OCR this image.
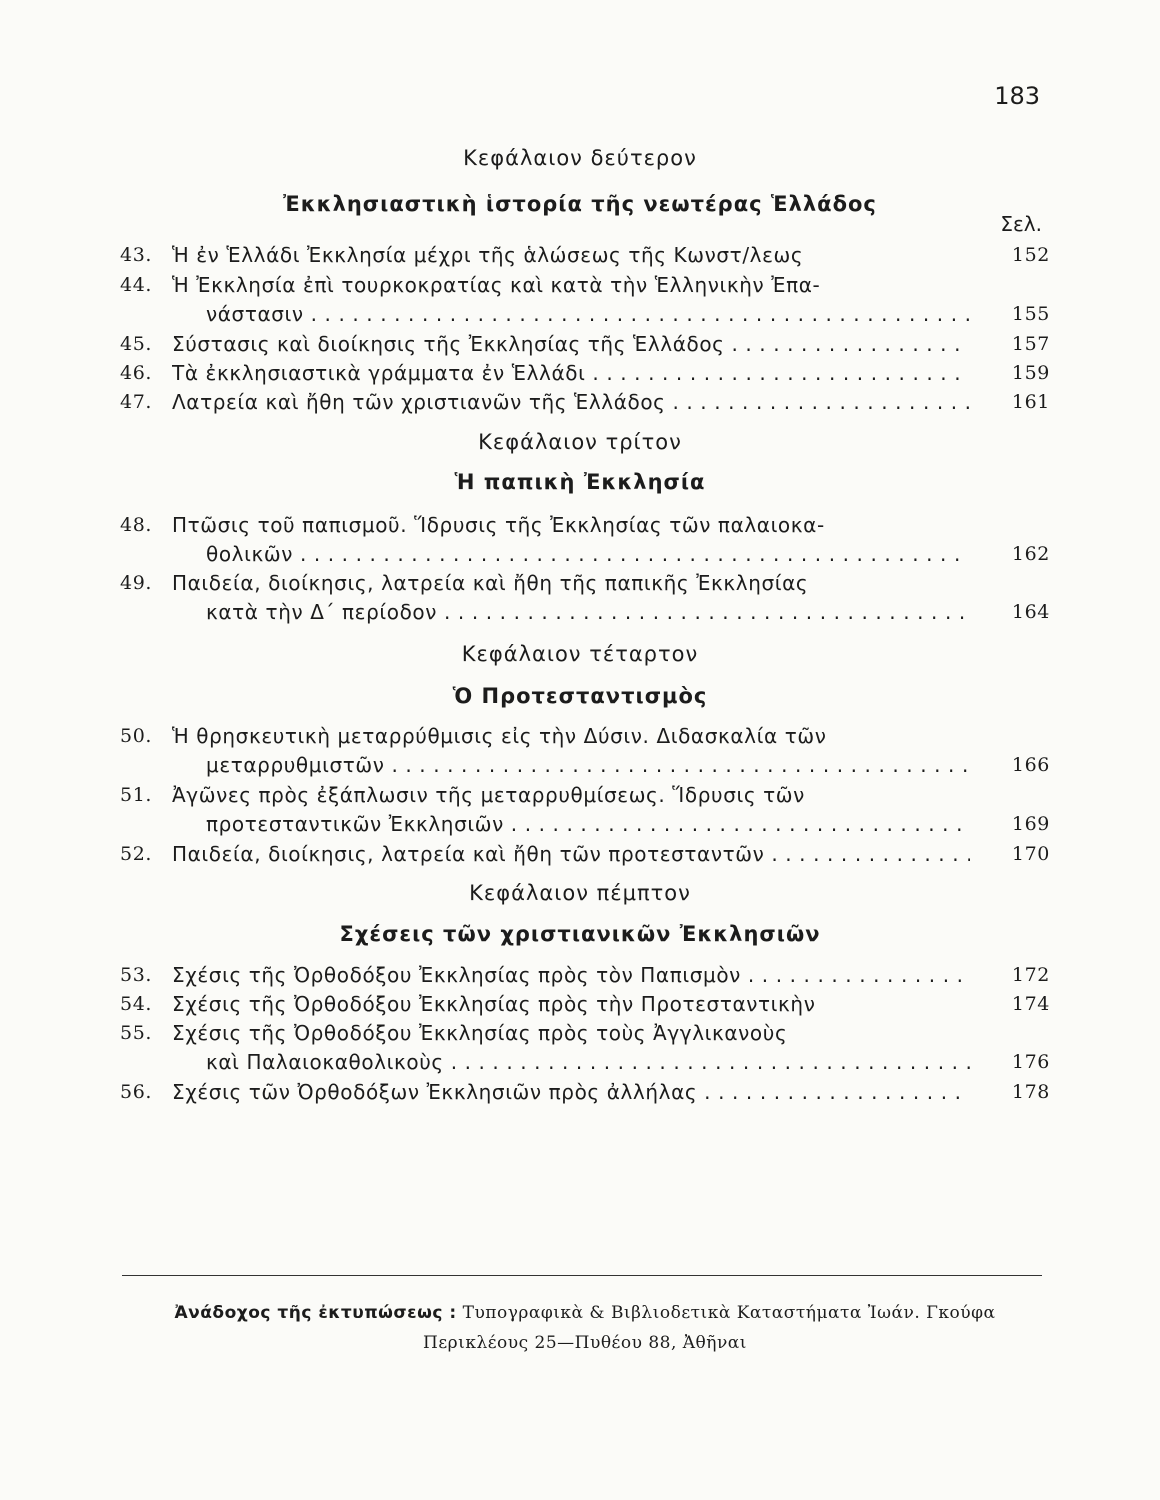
183
Κεφάλαιον δεύτερον
Ἐκκλησιαστικὴ ἱστορία τῆς νεωτέρας Ἑλλάδος
Σελ.
43. Ἡ ἐν Ἑλλάδι Ἐκκλησία μέχρι τῆς ἁλώσεως τῆς Κωνστ/λεως	152
44. Ἡ Ἐκκλησία ἐπὶ τουρκοκρατίας καὶ κατὰ τὴν Ἑλληνικὴν Ἐπα-
νάστασιν . . .	155
45. Σύστασις καὶ διοίκησις τῆς Ἐκκλησίας τῆς Ἑλλάδος . . .	157
46. Τὰ ἐκκλησιαστικὰ γράμματα ἐν Ἑλλάδι . . .	159
47. Λατρεία καὶ ἤθη τῶν χριστιανῶν τῆς Ἑλλάδος . . .	161
Κεφάλαιον τρίτον
Ἡ παπικὴ Ἐκκλησία
48. Πτῶσις τοῦ παπισμοῦ. Ἵδρυσις τῆς Ἐκκλησίας τῶν παλαιοκα-
θολικῶν . . .	162
49. Παιδεία, διοίκησις, λατρεία καὶ ἤθη τῆς παπικῆς Ἐκκλησίας
κατὰ τὴν Δ΄ περίοδον . . .	164
Κεφάλαιον τέταρτον
Ὁ Προτεσταντισμὸς
50. Ἡ θρησκευτικὴ μεταρρύθμισις εἰς τὴν Δύσιν. Διδασκαλία τῶν
μεταρρυθμιστῶν . . .	166
51. Ἀγῶνες πρὸς ἐξάπλωσιν τῆς μεταρρυθμίσεως. Ἵδρυσις τῶν
προτεσταντικῶν Ἐκκλησιῶν . . .	169
52. Παιδεία, διοίκησις, λατρεία καὶ ἤθη τῶν προτεσταντῶν . . .	170
Κεφάλαιον πέμπτον
Σχέσεις τῶν χριστιανικῶν Ἐκκλησιῶν
53. Σχέσις τῆς Ὀρθοδόξου Ἐκκλησίας πρὸς τὸν Παπισμὸν . . .	172
54. Σχέσις τῆς Ὀρθοδόξου Ἐκκλησίας πρὸς τὴν Προτεσταντικὴν	174
55. Σχέσις τῆς Ὀρθοδόξου Ἐκκλησίας πρὸς τοὺς Ἀγγλικανοὺς
καὶ Παλαιοκαθολικοὺς . . .	176
56. Σχέσις τῶν Ὀρθοδόξων Ἐκκλησιῶν πρὸς ἀλλήλας . . .	178
Ἀνάδοχος τῆς ἐκτυπώσεως : Τυπογραφικὰ & Βιβλιοδετικὰ Καταστήματα Ἰωάν. Γκούφα
Περικλέους 25—Πυθέου 88, Ἀθῆναι
